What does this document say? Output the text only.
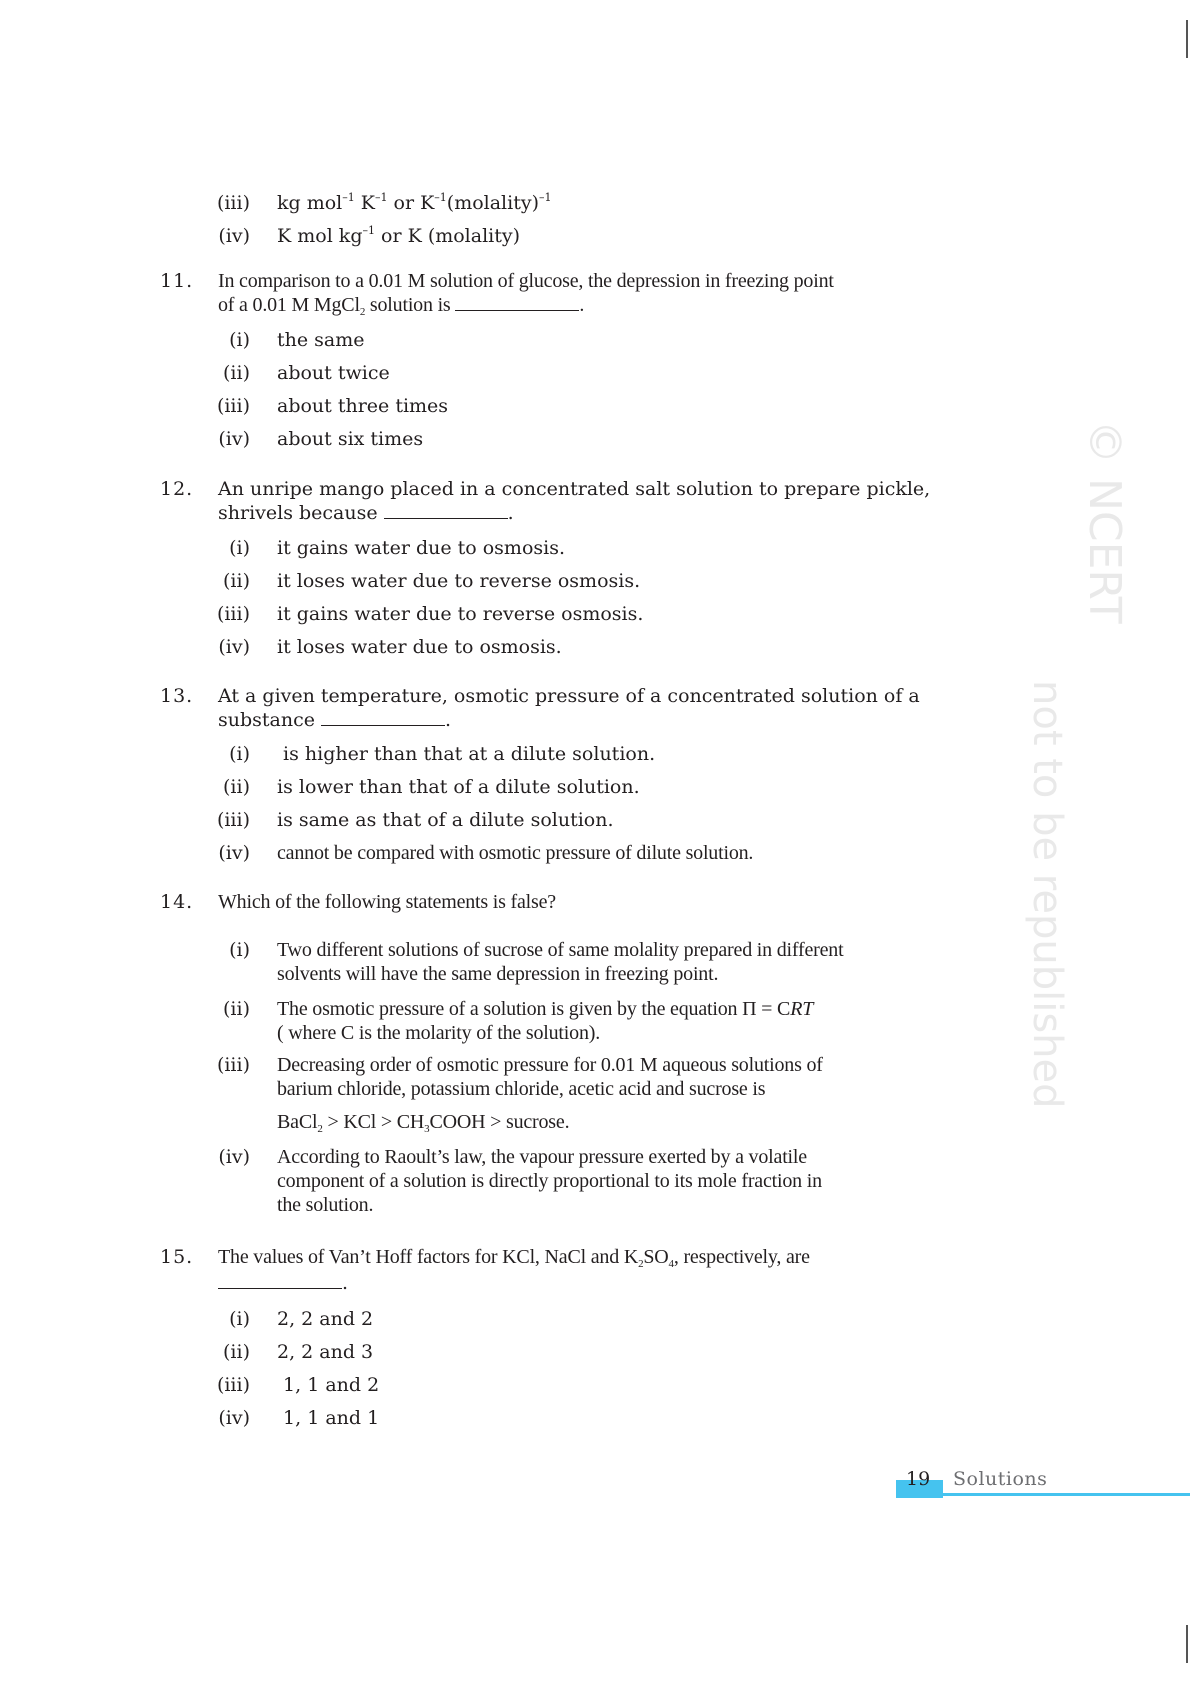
© NCERT
not to be republished
(iii) kg mol$^{-1}$ $K^{-1}$ or $K^{-1}(molality)^{-1}$
(iv) K mol $kg^{-1}$ or K (molality)
11.	In comparison to a 0.01 M solution of glucose, the depression in freezing point
of a 0.01 M MgCl$_2$ solution is	.
(i) the same
(ii) about twice
(iii) about three times
(iv) about six times
12.	An unripe mango placed in a concentrated salt solution to prepare pickle,
shrivels because	.
(i) it gains water due to osmosis.
(ii) it loses water due to reverse osmosis.
(iii) it gains water due to reverse osmosis.
(iv) it loses water due to osmosis.
13.	At a given temperature, osmotic pressure of a concentrated solution of a
substance	.
(i) is higher than that at a dilute solution.
(ii) is lower than that of a dilute solution.
(iii) is same as that of a dilute solution.
(iv) cannot be compared with osmotic pressure of dilute solution.
14.	Which of the following statements is false?
(i) Two different solutions of sucrose of same molality prepared in different
solvents will have the same depression in freezing point.
(ii) The osmotic pressure of a solution is given by the equation Π = CRT
( where C is the molarity of the solution).
(iii) Decreasing order of osmotic pressure for 0.01 M aqueous solutions of
barium chloride, potassium chloride, acetic acid and sucrose is
BaCl$_2$ > KCl > $CH_3COOH$ > sucrose.
(iv) According to Raoult’s law, the vapour pressure exerted by a volatile
component of a solution is directly proportional to its mole fraction in
the solution.
15.	The values of Van’t Hoff factors for KCl, NaCl and $K_2SO_4$, respectively, are
.
(i) 2, 2 and 2
(ii) 2, 2 and 3
(iii) 1, 1 and 2
(iv) 1, 1 and 1
19 Solutions
